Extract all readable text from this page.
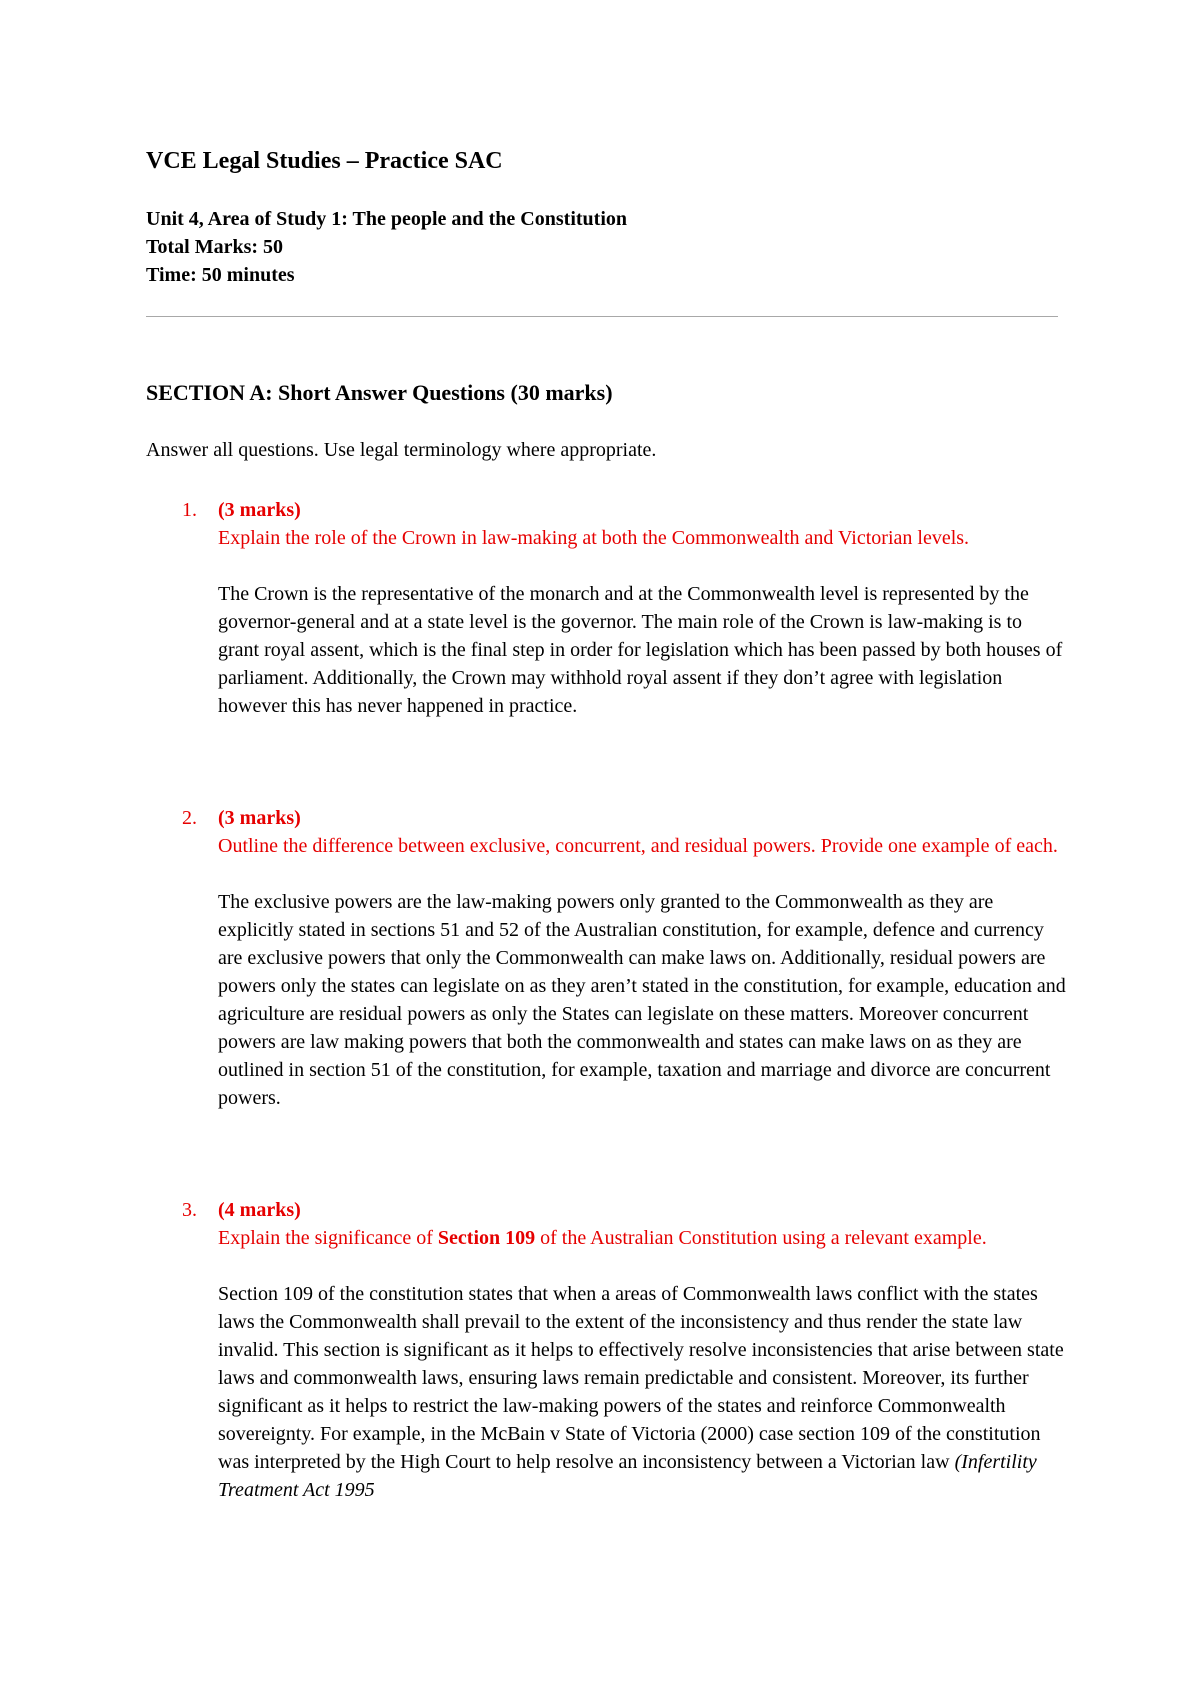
VCE Legal Studies – Practice SAC
Unit 4, Area of Study 1: The people and the Constitution
Total Marks: 50
Time: 50 minutes
SECTION A: Short Answer Questions (30 marks)
Answer all questions. Use legal terminology where appropriate.
1. (3 marks)
Explain the role of the Crown in law-making at both the Commonwealth and Victorian levels.
The Crown is the representative of the monarch and at the Commonwealth level is represented by the governor-general and at a state level is the governor. The main role of the Crown is law-making is to grant royal assent, which is the final step in order for legislation which has been passed by both houses of parliament. Additionally, the Crown may withhold royal assent if they don’t agree with legislation however this has never happened in practice.
2. (3 marks)
Outline the difference between exclusive, concurrent, and residual powers. Provide one example of each.
The exclusive powers are the law-making powers only granted to the Commonwealth as they are explicitly stated in sections 51 and 52 of the Australian constitution, for example, defence and currency are exclusive powers that only the Commonwealth can make laws on. Additionally, residual powers are powers only the states can legislate on as they aren’t stated in the constitution, for example, education and agriculture are residual powers as only the States can legislate on these matters. Moreover concurrent powers are law making powers that both the commonwealth and states can make laws on as they are outlined in section 51 of the constitution, for example, taxation and marriage and divorce are concurrent powers.
3. (4 marks)
Explain the significance of Section 109 of the Australian Constitution using a relevant example.
Section 109 of the constitution states that when a areas of Commonwealth laws conflict with the states laws the Commonwealth shall prevail to the extent of the inconsistency and thus render the state law invalid. This section is significant as it helps to effectively resolve inconsistencies that arise between state laws and commonwealth laws, ensuring laws remain predictable and consistent. Moreover, its further significant as it helps to restrict the law-making powers of the states and reinforce Commonwealth sovereignty. For example, in the McBain v State of Victoria (2000) case section 109 of the constitution was interpreted by the High Court to help resolve an inconsistency between a Victorian law (Infertility Treatment Act 1995
